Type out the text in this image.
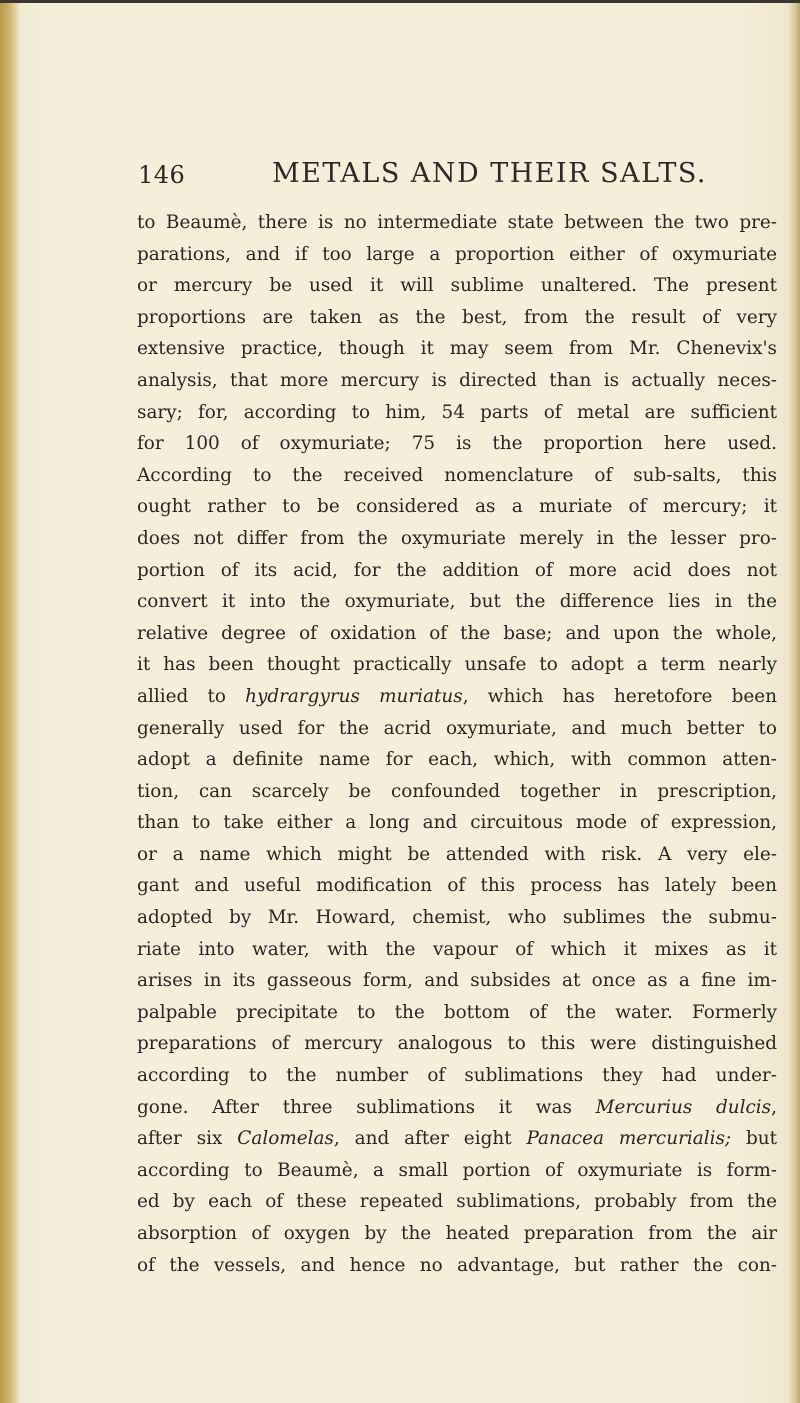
146	METALS AND THEIR SALTS.
to Beaumè, there is no intermediate state between the two pre-
parations, and if too large a proportion either of oxymuriate
or mercury be used it will sublime unaltered. The present
proportions are taken as the best, from the result of very
extensive practice, though it may seem from Mr. Chenevix's
analysis, that more mercury is directed than is actually neces-
sary; for, according to him, 54 parts of metal are sufficient
for 100 of oxymuriate; 75 is the proportion here used.
According to the received nomenclature of sub-salts, this
ought rather to be considered as a muriate of mercury; it
does not differ from the oxymuriate merely in the lesser pro-
portion of its acid, for the addition of more acid does not
convert it into the oxymuriate, but the difference lies in the
relative degree of oxidation of the base; and upon the whole,
it has been thought practically unsafe to adopt a term nearly
allied to hydrargyrus muriatus, which has heretofore been
generally used for the acrid oxymuriate, and much better to
adopt a definite name for each, which, with common atten-
tion, can scarcely be confounded together in prescription,
than to take either a long and circuitous mode of expression,
or a name which might be attended with risk. A very ele-
gant and useful modification of this process has lately been
adopted by Mr. Howard, chemist, who sublimes the submu-
riate into water, with the vapour of which it mixes as it
arises in its gasseous form, and subsides at once as a fine im-
palpable precipitate to the bottom of the water. Formerly
preparations of mercury analogous to this were distinguished
according to the number of sublimations they had under-
gone. After three sublimations it was Mercurius dulcis,
after six Calomelas, and after eight Panacea mercurialis; but
according to Beaumè, a small portion of oxymuriate is form-
ed by each of these repeated sublimations, probably from the
absorption of oxygen by the heated preparation from the air
of the vessels, and hence no advantage, but rather the con-
